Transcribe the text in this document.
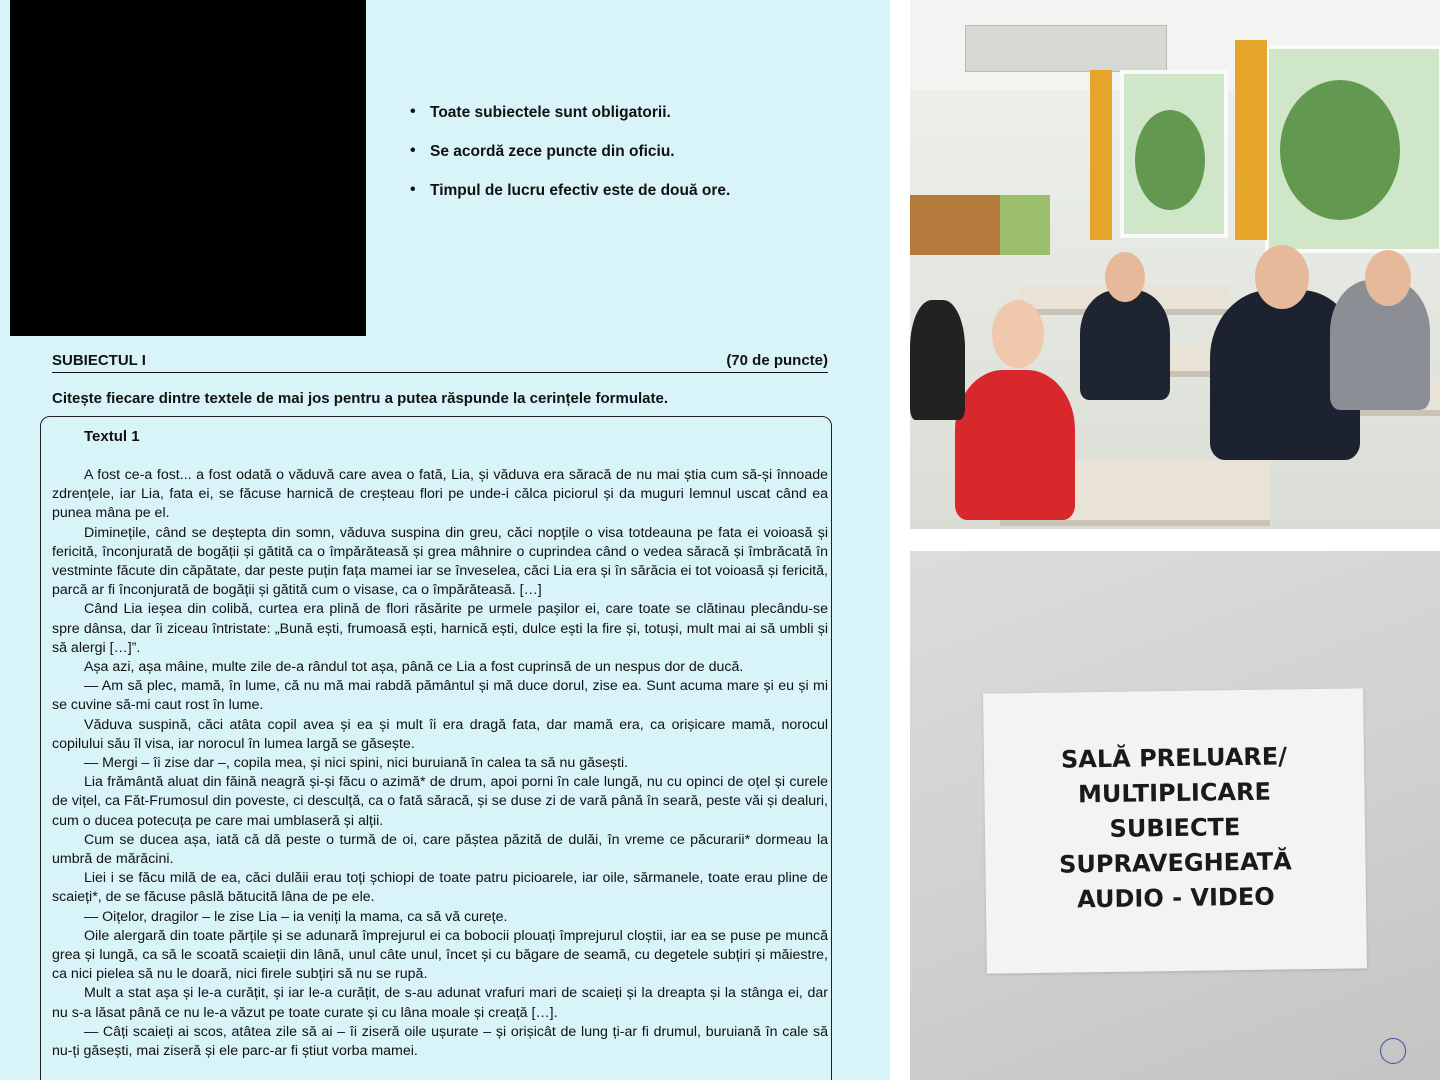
• Toate subiectele sunt obligatorii.
• Se acordă zece puncte din oficiu.
• Timpul de lucru efectiv este de două ore.
SUBIECTUL I	(70 de puncte)
Citește fiecare dintre textele de mai jos pentru a putea răspunde la cerințele formulate.
Textul 1

A fost ce-a fost... a fost odată o văduvă care avea o fată, Lia, și văduva era săracă de nu mai știa cum să-și înnoade zdrențele, iar Lia, fata ei, se făcuse harnică de creșteau flori pe unde-i călca piciorul și da muguri lemnul uscat când ea punea mâna pe el.

Diminețile, când se deștepta din somn, văduva suspina din greu, căci nopțile o visa totdeauna pe fata ei voioasă și fericită, înconjurată de bogății și gătită ca o împărăteasă și grea mâhnire o cuprindea când o vedea săracă și îmbrăcată în vestminte făcute din căpătate, dar peste puțin fața mamei iar se înveselea, căci Lia era și în sărăcia ei tot voioasă și fericită, parcă ar fi înconjurată de bogății și gătită cum o visase, ca o împărăteasă. […]

Când Lia ieșea din colibă, curtea era plină de flori răsărite pe urmele pașilor ei, care toate se clătinau plecându-se spre dânsa, dar îi ziceau întristate: „Bună ești, frumoasă ești, harnică ești, dulce ești la fire și, totuși, mult mai ai să umbli și să alergi […]”.

Așa azi, așa mâine, multe zile de-a rândul tot așa, până ce Lia a fost cuprinsă de un nespus dor de ducă.

— Am să plec, mamă, în lume, că nu mă mai rabdă pământul și mă duce dorul, zise ea. Sunt acuma mare și eu și mi se cuvine să-mi caut rost în lume.

Văduva suspină, căci atâta copil avea și ea și mult îi era dragă fata, dar mamă era, ca orișicare mamă, norocul copilului său îl visa, iar norocul în lumea largă se găsește.

— Mergi – îi zise dar –, copila mea, și nici spini, nici buruiană în calea ta să nu găsești.

Lia frământă aluat din făină neagră și-și făcu o azimă* de drum, apoi porni în cale lungă, nu cu opinci de oțel și curele de vițel, ca Făt-Frumosul din poveste, ci desculță, ca o fată săracă, și se duse zi de vară până în seară, peste văi și dealuri, cum o ducea potecuța pe care mai umblaseră și alții.

Cum se ducea așa, iată că dă peste o turmă de oi, care păștea păzită de dulăi, în vreme ce păcurarii* dormeau la umbră de mărăcini.

Liei i se făcu milă de ea, căci dulăii erau toți șchiopi de toate patru picioarele, iar oile, sărmanele, toate erau pline de scaieți*, de se făcuse pâslă bătucită lâna de pe ele.

— Oițelor, dragilor – le zise Lia – ia veniți la mama, ca să vă curețe.

Oile alergară din toate părțile și se adunară împrejurul ei ca bobocii plouați împrejurul cloștii, iar ea se puse pe muncă grea și lungă, ca să le scoată scaieții din lână, unul câte unul, încet și cu băgare de seamă, cu degetele subțiri și măiestre, ca nici pielea să nu le doară, nici firele subțiri să nu se rupă.

Mult a stat așa și le-a curățit, și iar le-a curățit, de s-au adunat vrafuri mari de scaieți și la dreapta și la stânga ei, dar nu s-a lăsat până ce nu le-a văzut pe toate curate și cu lâna moale și creață […].

— Câți scaieți ai scos, atâtea zile să ai – îi ziseră oile ușurate – și orișicât de lung ți-ar fi drumul, buruiană în cale să nu-ți găsești, mai ziseră și ele parc-ar fi știut vorba mamei.

SALĂ PRELUARE/
MULTIPLICARE
SUBIECTE
SUPRAVEGHEATĂ
AUDIO - VIDEO
